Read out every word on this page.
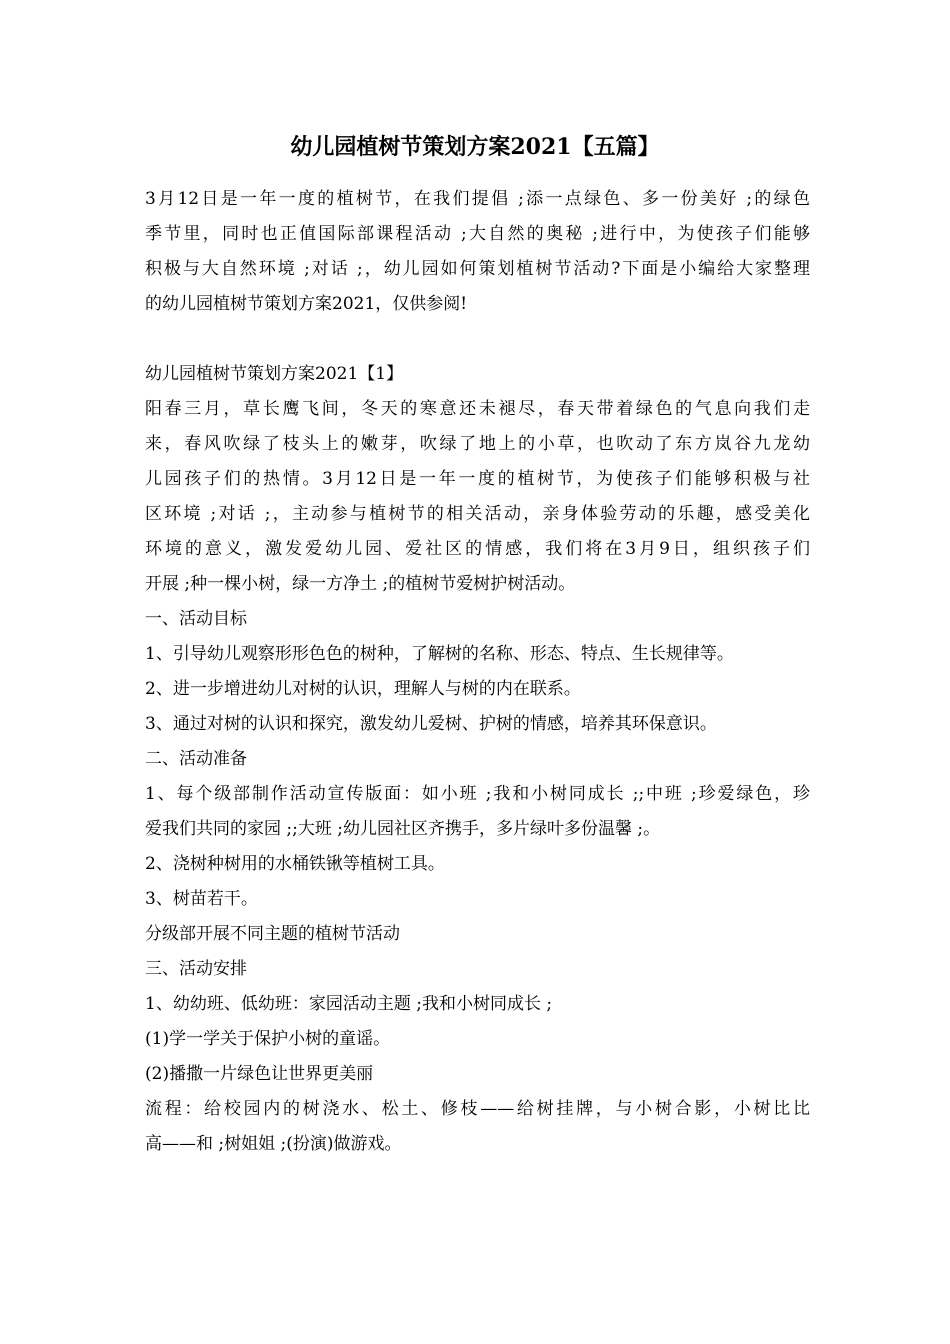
幼儿园植树节策划方案2021【五篇】
3月12日是一年一度的植树节，在我们提倡 ;添一点绿色、多一份美好 ;的绿色
季节里，同时也正值国际部课程活动 ;大自然的奥秘 ;进行中，为使孩子们能够
积极与大自然环境 ;对话 ;，幼儿园如何策划植树节活动?下面是小编给大家整理
的幼儿园植树节策划方案2021，仅供参阅!
幼儿园植树节策划方案2021【1】
阳春三月，草长鹰飞间，冬天的寒意还未褪尽，春天带着绿色的气息向我们走
来，春风吹绿了枝头上的嫩芽，吹绿了地上的小草，也吹动了东方岚谷九龙幼
儿园孩子们的热情。3月12日是一年一度的植树节，为使孩子们能够积极与社
区环境 ;对话 ;，主动参与植树节的相关活动，亲身体验劳动的乐趣，感受美化
环境的意义，激发爱幼儿园、爱社区的情感，我们将在3月9日，组织孩子们
开展 ;种一棵小树，绿一方净土 ;的植树节爱树护树活动。
一、活动目标
1、引导幼儿观察形形色色的树种，了解树的名称、形态、特点、生长规律等。
2、进一步增进幼儿对树的认识，理解人与树的内在联系。
3、通过对树的认识和探究，激发幼儿爱树、护树的情感，培养其环保意识。
二、活动准备
1、每个级部制作活动宣传版面：如小班 ;我和小树同成长 ;;中班 ;珍爱绿色，珍
爱我们共同的家园 ;;大班 ;幼儿园社区齐携手，多片绿叶多份温馨 ;。
2、浇树种树用的水桶铁锹等植树工具。
3、树苗若干。
分级部开展不同主题的植树节活动
三、活动安排
1、幼幼班、低幼班：家园活动主题 ;我和小树同成长 ;
(1)学一学关于保护小树的童谣。
(2)播撒一片绿色让世界更美丽
流程：给校园内的树浇水、松土、修枝——给树挂牌，与小树合影，小树比比
高——和 ;树姐姐 ;(扮演)做游戏。
